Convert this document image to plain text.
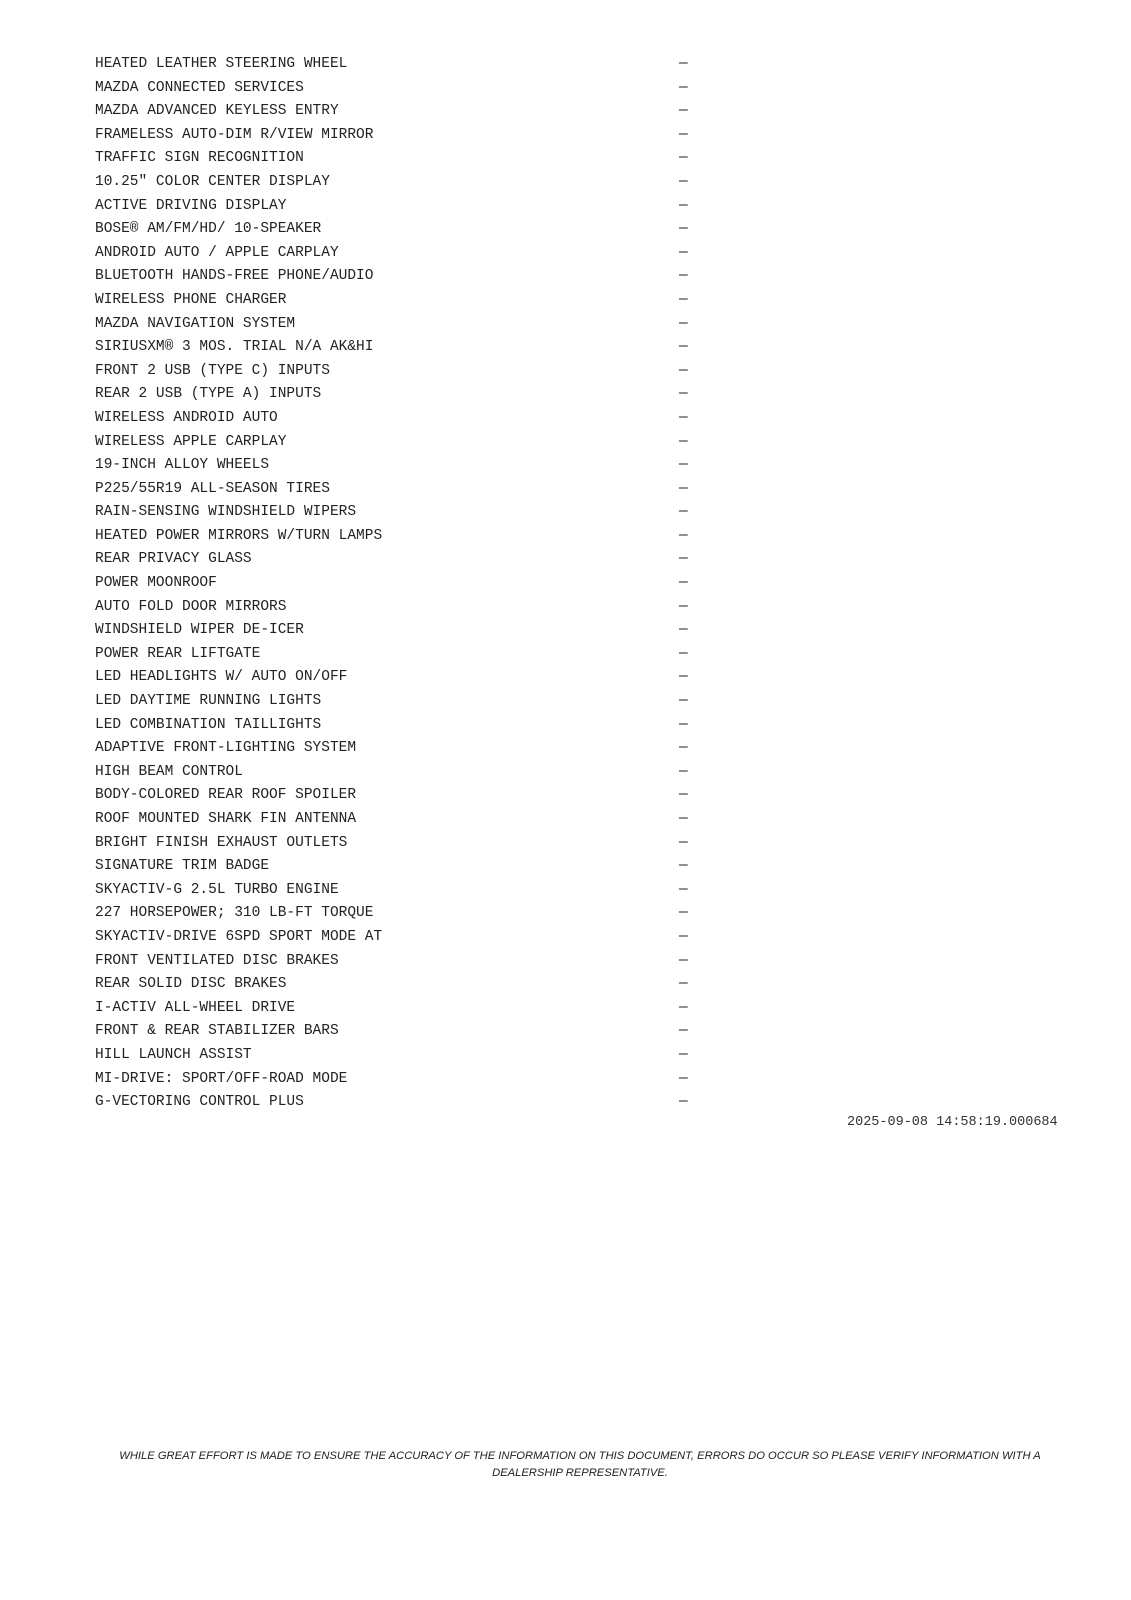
HEATED LEATHER STEERING WHEEL	—
MAZDA CONNECTED SERVICES	—
MAZDA ADVANCED KEYLESS ENTRY	—
FRAMELESS AUTO-DIM R/VIEW MIRROR	—
TRAFFIC SIGN RECOGNITION	—
10.25" COLOR CENTER DISPLAY	—
ACTIVE DRIVING DISPLAY	—
BOSE® AM/FM/HD/ 10-SPEAKER	—
ANDROID AUTO / APPLE CARPLAY	—
BLUETOOTH HANDS-FREE PHONE/AUDIO	—
WIRELESS PHONE CHARGER	—
MAZDA NAVIGATION SYSTEM	—
SIRIUSXM® 3 MOS. TRIAL N/A AK&HI	—
FRONT 2 USB (TYPE C) INPUTS	—
REAR 2 USB (TYPE A) INPUTS	—
WIRELESS ANDROID AUTO	—
WIRELESS APPLE CARPLAY	—
19-INCH ALLOY WHEELS	—
P225/55R19 ALL-SEASON TIRES	—
RAIN-SENSING WINDSHIELD WIPERS	—
HEATED POWER MIRRORS W/TURN LAMPS	—
REAR PRIVACY GLASS	—
POWER MOONROOF	—
AUTO FOLD DOOR MIRRORS	—
WINDSHIELD WIPER DE-ICER	—
POWER REAR LIFTGATE	—
LED HEADLIGHTS W/ AUTO ON/OFF	—
LED DAYTIME RUNNING LIGHTS	—
LED COMBINATION TAILLIGHTS	—
ADAPTIVE FRONT-LIGHTING SYSTEM	—
HIGH BEAM CONTROL	—
BODY-COLORED REAR ROOF SPOILER	—
ROOF MOUNTED SHARK FIN ANTENNA	—
BRIGHT FINISH EXHAUST OUTLETS	—
SIGNATURE TRIM BADGE	—
SKYACTIV-G 2.5L TURBO ENGINE	—
227 HORSEPOWER; 310 LB-FT TORQUE	—
SKYACTIV-DRIVE 6SPD SPORT MODE AT	—
FRONT VENTILATED DISC BRAKES	—
REAR SOLID DISC BRAKES	—
I-ACTIV ALL-WHEEL DRIVE	—
FRONT & REAR STABILIZER BARS	—
HILL LAUNCH ASSIST	—
MI-DRIVE: SPORT/OFF-ROAD MODE	—
G-VECTORING CONTROL PLUS	—
2025-09-08 14:58:19.000684
WHILE GREAT EFFORT IS MADE TO ENSURE THE ACCURACY OF THE INFORMATION ON THIS DOCUMENT, ERRORS DO OCCUR SO PLEASE VERIFY INFORMATION WITH A DEALERSHIP REPRESENTATIVE.
